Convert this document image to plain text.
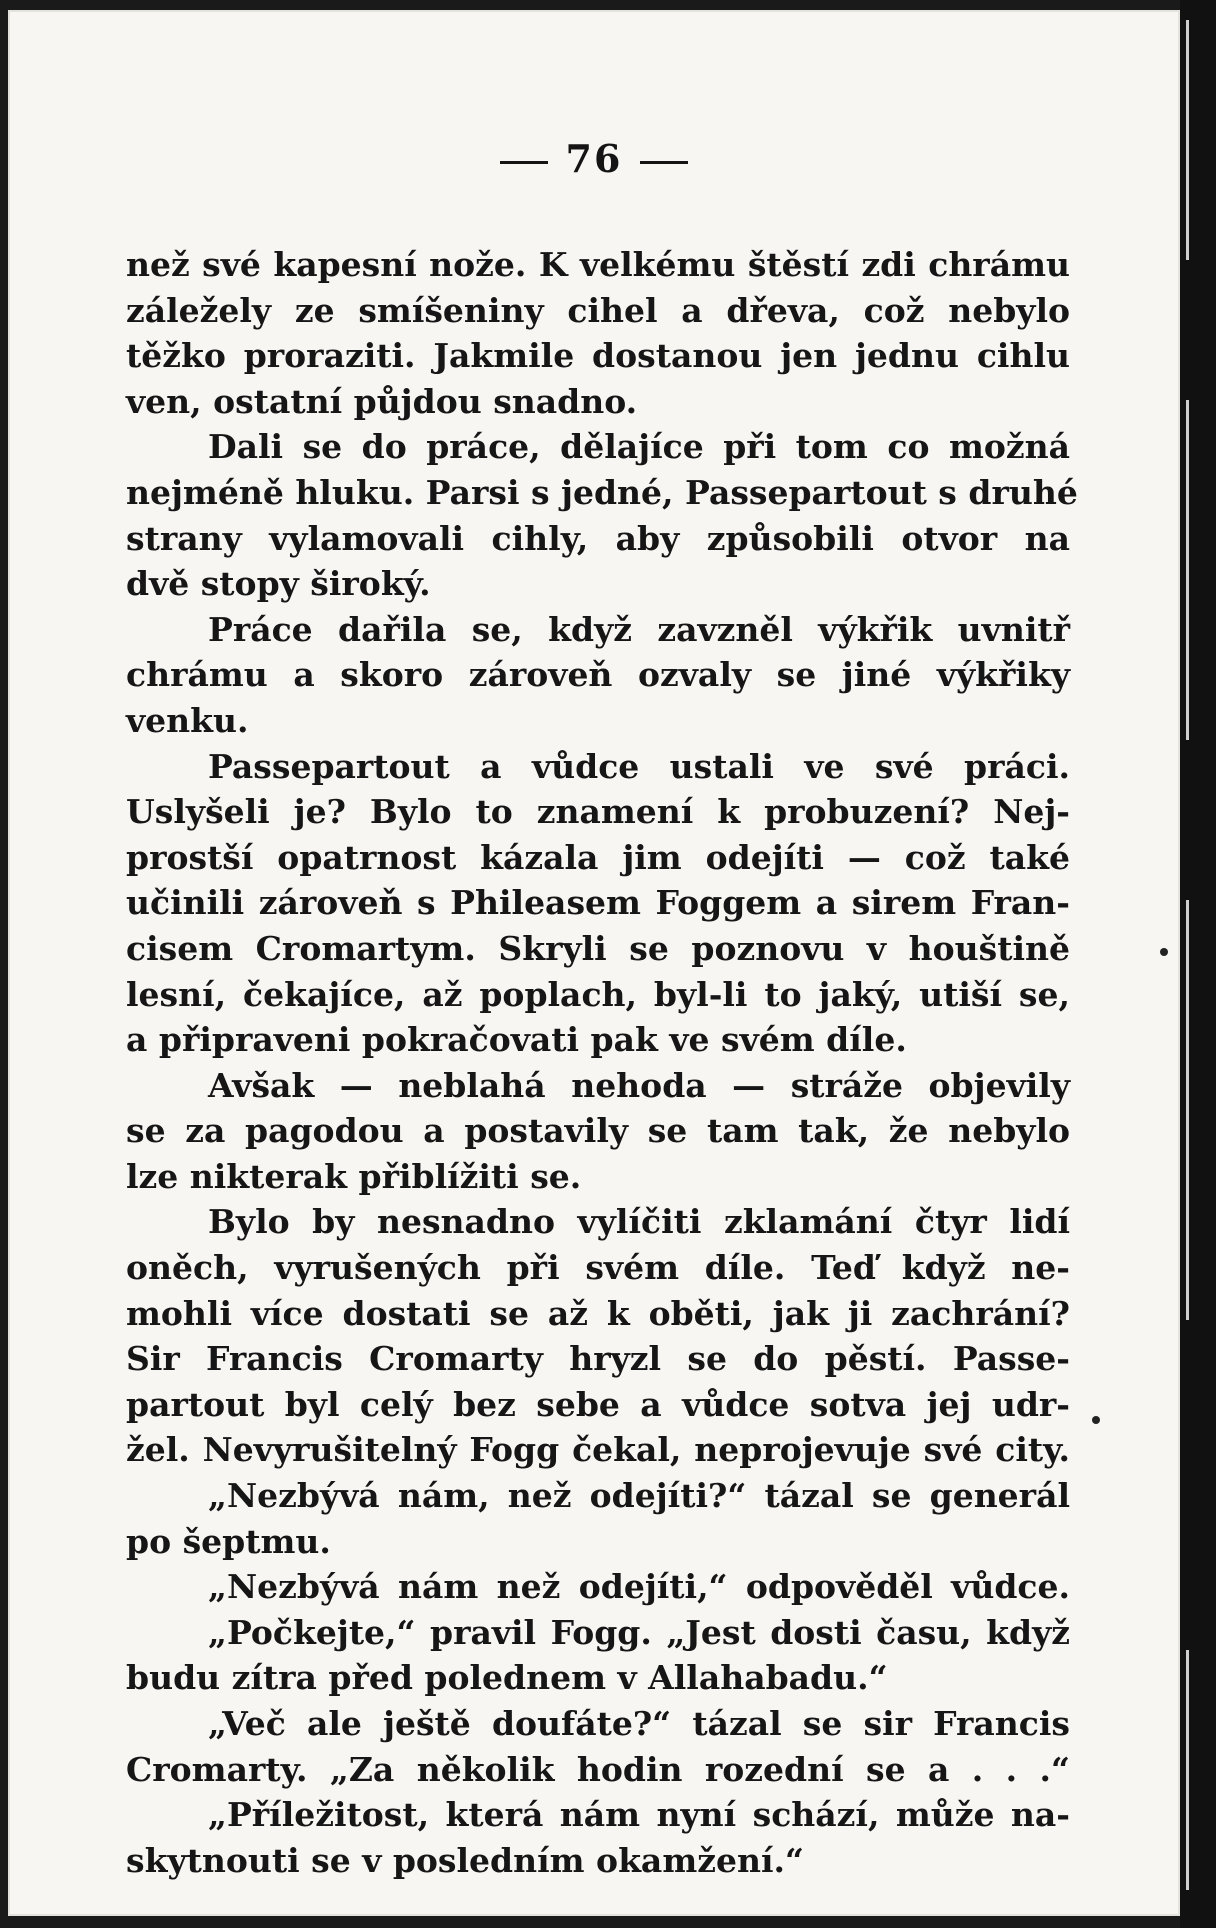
76
než své kapesní nože. K velkému štěstí zdi chrámu
záležely ze smíšeniny cihel a dřeva, což nebylo
těžko proraziti. Jakmile dostanou jen jednu cihlu
ven, ostatní půjdou snadno.
Dali se do práce, dělajíce při tom co možná
nejméně hluku. Parsi s jedné, Passepartout s druhé
strany vylamovali cihly, aby způsobili otvor na
dvě stopy široký.
Práce dařila se, když zavzněl výkřik uvnitř
chrámu a skoro zároveň ozvaly se jiné výkřiky
venku.
Passepartout a vůdce ustali ve své práci.
Uslyšeli je? Bylo to znamení k probuzení? Nej-
prostší opatrnost kázala jim odejíti — což také
učinili zároveň s Phileasem Foggem a sirem Fran-
cisem Cromartym. Skryli se poznovu v houštině
lesní, čekajíce, až poplach, byl-li to jaký, utiší se,
a připraveni pokračovati pak ve svém díle.
Avšak — neblahá nehoda — stráže objevily
se za pagodou a postavily se tam tak, že nebylo
lze nikterak přiblížiti se.
Bylo by nesnadno vylíčiti zklamání čtyr lidí
oněch, vyrušených při svém díle. Teď když ne-
mohli více dostati se až k oběti, jak ji zachrání?
Sir Francis Cromarty hryzl se do pěstí. Passe-
partout byl celý bez sebe a vůdce sotva jej udr-
žel. Nevyrušitelný Fogg čekal, neprojevuje své city.
„Nezbývá nám, než odejíti?“ tázal se generál
po šeptmu.
„Nezbývá nám než odejíti,“ odpověděl vůdce.
„Počkejte,“ pravil Fogg. „Jest dosti času, když
budu zítra před polednem v Allahabadu.“
„Več ale ještě doufáte?“ tázal se sir Francis
Cromarty. „Za několik hodin rozední se a . . .“
„Příležitost, která nám nyní schází, může na-
skytnouti se v posledním okamžení.“
